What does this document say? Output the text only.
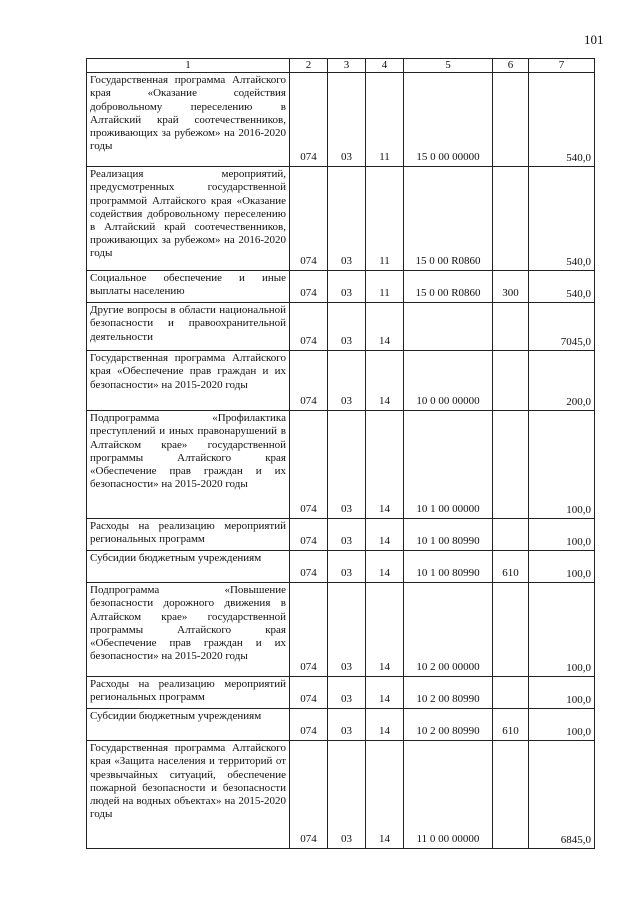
101
1	2	3	4	5	6	7
Государственная программа Алтайского края «Оказание содействия добровольному переселению в Алтайский край соотечественников, проживающих за рубежом» на 2016-2020 годы	074	03	11	15 0 00 00000		540,0
Реализация мероприятий, предусмотренных государственной программой Алтайского края «Оказание содействия добровольному переселению в Алтайский край соотечественников, проживающих за рубежом» на 2016-2020 годы	074	03	11	15 0 00 R0860		540,0
Социальное обеспечение и иные выплаты населению	074	03	11	15 0 00 R0860	300	540,0
Другие вопросы в области национальной безопасности и правоохранительной деятельности	074	03	14			7045,0
Государственная программа Алтайского края «Обеспечение прав граждан и их безопасности» на 2015-2020 годы	074	03	14	10 0 00 00000		200,0
Подпрограмма «Профилактика преступлений и иных правонарушений в Алтайском крае» государственной программы Алтайского края «Обеспечение прав граждан и их безопасности» на 2015-2020 годы	074	03	14	10 1 00 00000		100,0
Расходы на реализацию мероприятий региональных программ	074	03	14	10 1 00 80990		100,0
Субсидии бюджетным учреждениям	074	03	14	10 1 00 80990	610	100,0
Подпрограмма «Повышение безопасности дорожного движения в Алтайском крае» государственной программы Алтайского края «Обеспечение прав граждан и их безопасности» на 2015-2020 годы	074	03	14	10 2 00 00000		100,0
Расходы на реализацию мероприятий региональных программ	074	03	14	10 2 00 80990		100,0
Субсидии бюджетным учреждениям	074	03	14	10 2 00 80990	610	100,0
Государственная программа Алтайского края «Защита населения и территорий от чрезвычайных ситуаций, обеспечение пожарной безопасности и безопасности людей на водных объектах» на 2015-2020 годы	074	03	14	11 0 00 00000		6845,0
